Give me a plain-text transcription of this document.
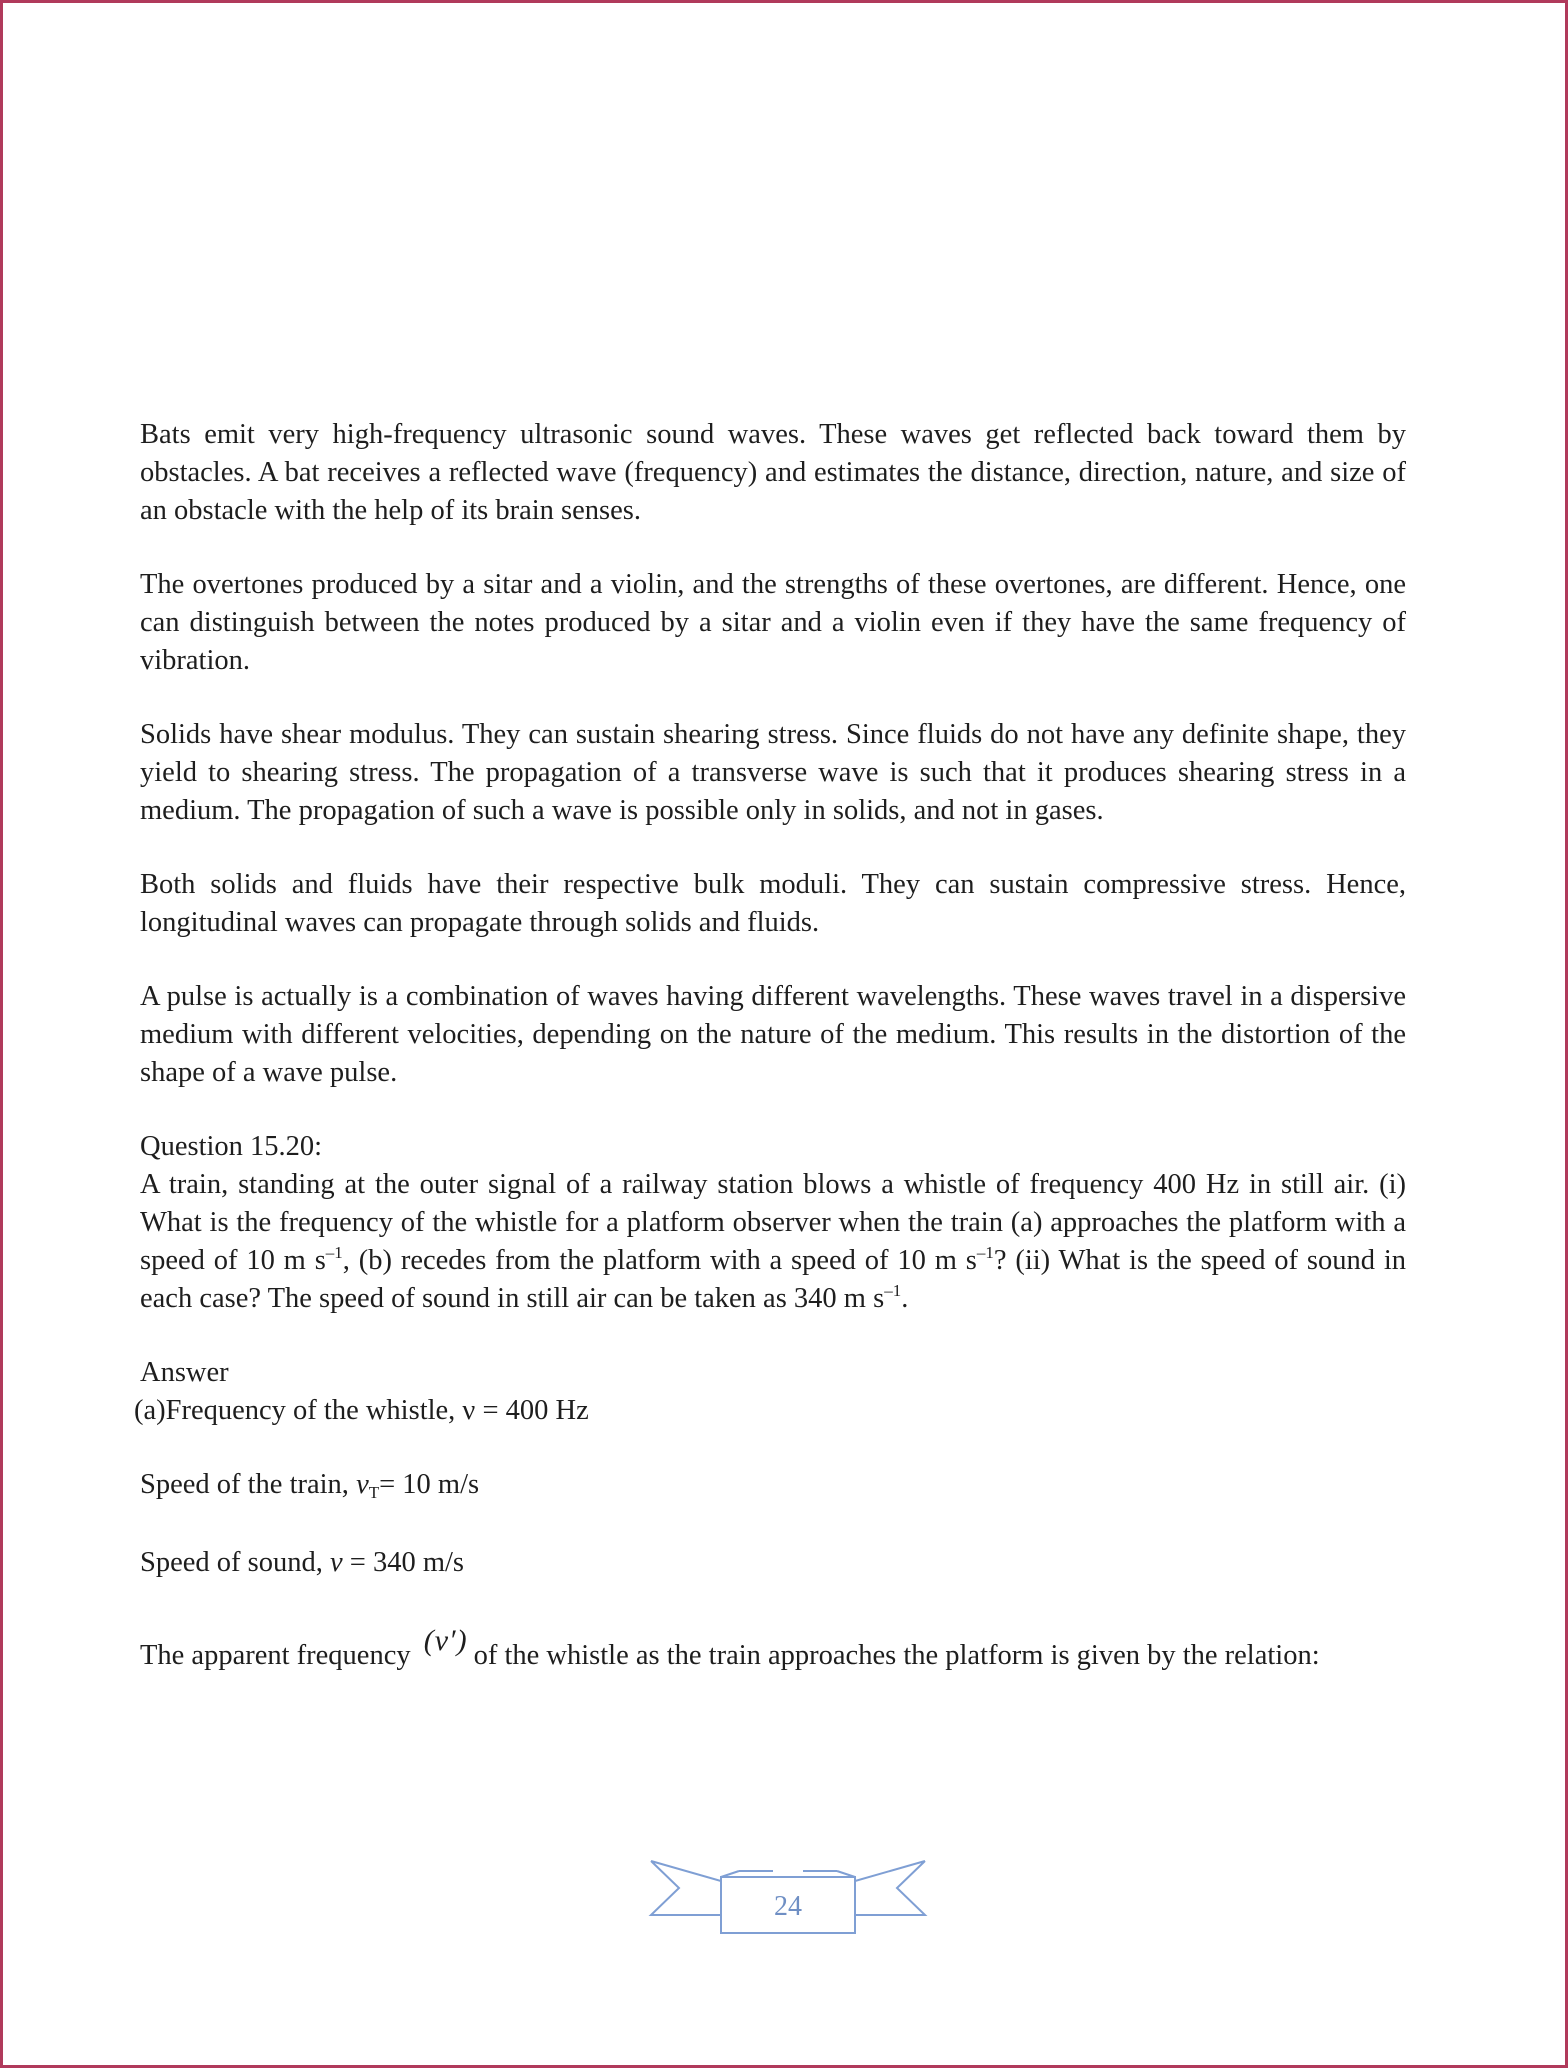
Bats emit very high-frequency ultrasonic sound waves. These waves get reflected back toward them by obstacles. A bat receives a reflected wave (frequency) and estimates the distance, direction, nature, and size of an obstacle with the help of its brain senses.

The overtones produced by a sitar and a violin, and the strengths of these overtones, are different. Hence, one can distinguish between the notes produced by a sitar and a violin even if they have the same frequency of vibration.

Solids have shear modulus. They can sustain shearing stress. Since fluids do not have any definite shape, they yield to shearing stress. The propagation of a transverse wave is such that it produces shearing stress in a medium. The propagation of such a wave is possible only in solids, and not in gases.

Both solids and fluids have their respective bulk moduli. They can sustain compressive stress. Hence, longitudinal waves can propagate through solids and fluids.

A pulse is actually is a combination of waves having different wavelengths. These waves travel in a dispersive medium with different velocities, depending on the nature of the medium. This results in the distortion of the shape of a wave pulse.

Question 15.20:

A train, standing at the outer signal of a railway station blows a whistle of frequency 400 Hz in still air. (i) What is the frequency of the whistle for a platform observer when the train (a) approaches the platform with a speed of 10 m $s^{-1}$, (b) recedes from the platform with a speed of 10 m $s^{-1}$? (ii) What is the speed of sound in each case? The speed of sound in still air can be taken as 340 m $s^{-1}$.

Answer

(a)Frequency of the whistle, ν = 400 Hz

Speed of the train, $v_T= 10$ m/s

Speed of sound, v = 340 m/s

The apparent frequency (ν′) of the whistle as the train approaches the platform is given by the relation:

24
